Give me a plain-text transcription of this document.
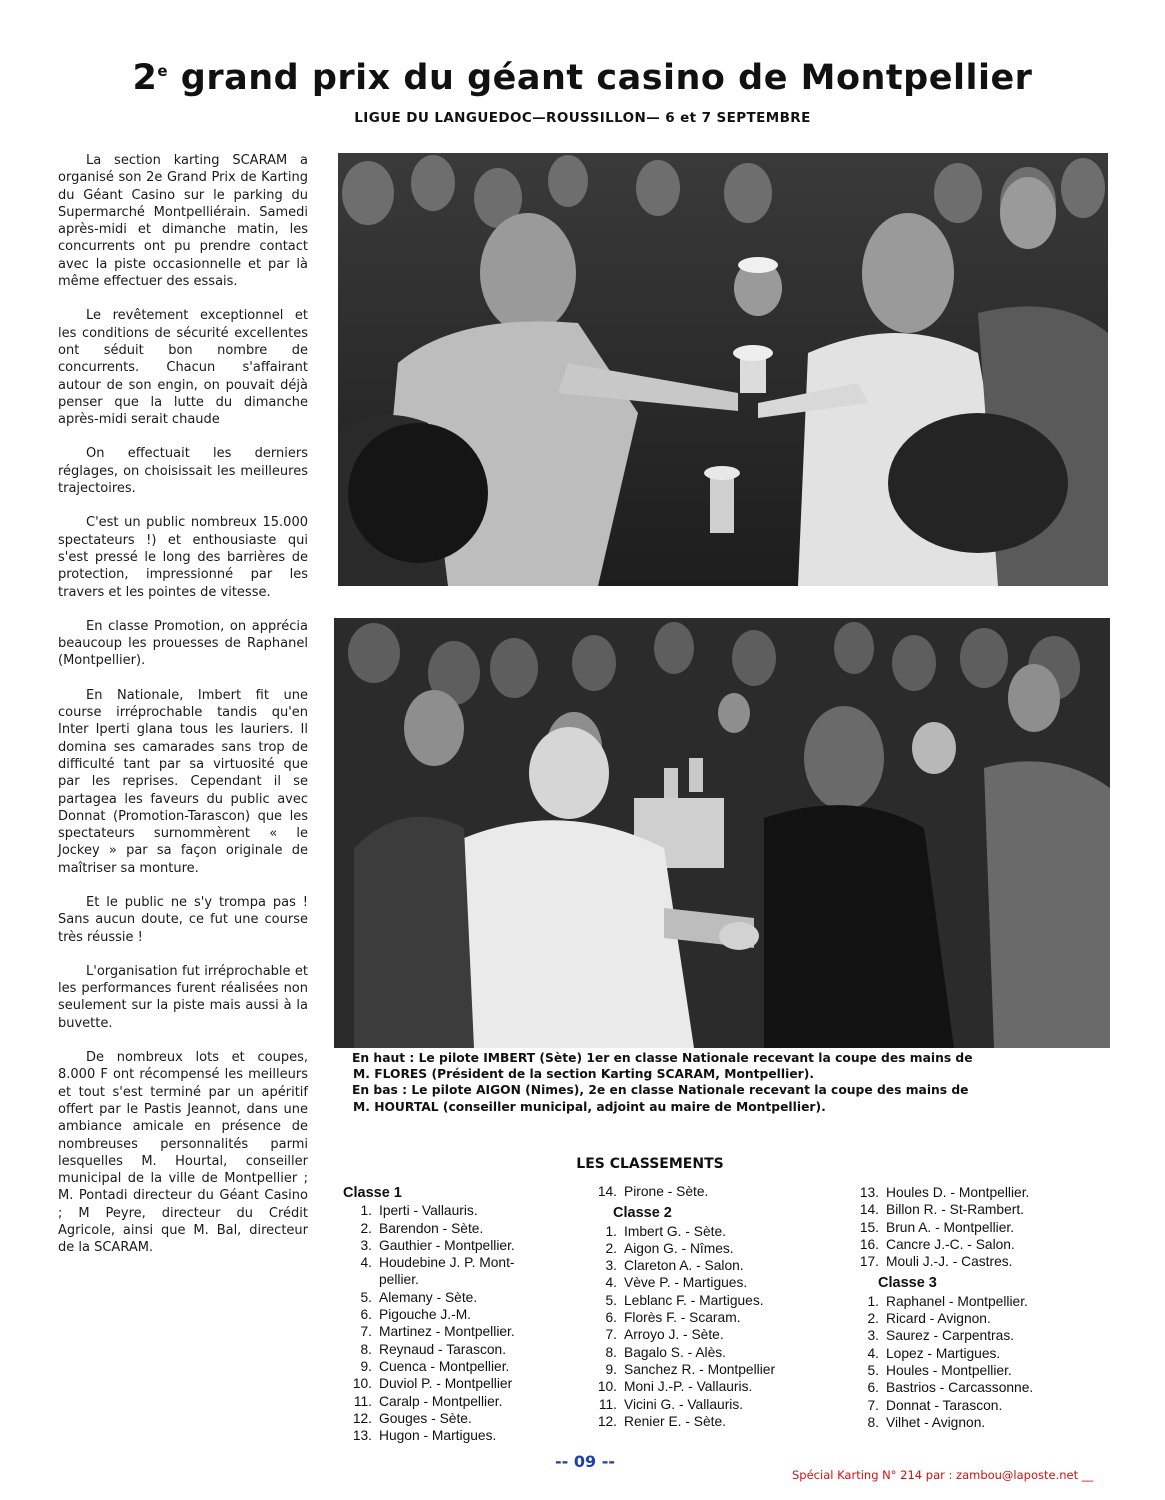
2e grand prix du géant casino de Montpellier
LIGUE DU LANGUEDOC—ROUSSILLON— 6 et 7 SEPTEMBRE

La section karting SCARAM a organisé son 2e Grand Prix de Karting du Géant Casino sur le parking du Supermarché Montpelliérain. Samedi après-midi et dimanche matin, les concurrents ont pu prendre contact avec la piste occasionnelle et par là même effectuer des essais.

Le revêtement exceptionnel et les conditions de sécurité excellentes ont séduit bon nombre de concurrents. Chacun s'affairant autour de son engin, on pouvait déjà penser que la lutte du dimanche après-midi serait chaude

On effectuait les derniers réglages, on choisissait les meilleures trajectoires.

C'est un public nombreux 15.000 spectateurs !) et enthousiaste qui s'est pressé le long des barrières de protection, impressionné par les travers et les pointes de vitesse.

En classe Promotion, on apprécia beaucoup les prouesses de Raphanel (Montpellier).

En Nationale, Imbert fit une course irréprochable tandis qu'en Inter Iperti glana tous les lauriers. Il domina ses camarades sans trop de difficulté tant par sa virtuosité que par les reprises. Cependant il se partagea les faveurs du public avec Donnat (Promotion-Tarascon) que les spectateurs surnommèrent « le Jockey » par sa façon originale de maîtriser sa monture.

Et le public ne s'y trompa pas ! Sans aucun doute, ce fut une course très réussie !

L'organisation fut irréprochable et les performances furent réalisées non seulement sur la piste mais aussi à la buvette.

De nombreux lots et coupes, 8.000 F ont récompensé les meilleurs et tout s'est terminé par un apéritif offert par le Pastis Jeannot, dans une ambiance amicale en présence de nombreuses personnalités parmi lesquelles M. Hourtal, conseiller municipal de la ville de Montpellier ; M. Pontadi directeur du Géant Casino ; M Peyre, directeur du Crédit Agricole, ainsi que M. Bal, directeur de la SCARAM.

En haut : Le pilote IMBERT (Sète) 1er en classe Nationale recevant la coupe des mains de
M. FLORES (Président de la section Karting SCARAM, Montpellier).
En bas : Le pilote AIGON (Nimes), 2e en classe Nationale recevant la coupe des mains de
M. HOURTAL (conseiller municipal, adjoint au maire de Montpellier).
LES CLASSEMENTS
Classe 1
1. Iperti - Vallauris.
2. Barendon - Sète.
3. Gauthier - Montpellier.
4. Houdebine J. P. Mont-
pellier.
5. Alemany - Sète.
6. Pigouche J.-M.
7. Martinez - Montpellier.
8. Reynaud - Tarascon.
9. Cuenca - Montpellier.
10. Duviol P. - Montpellier
11. Caralp - Montpellier.
12. Gouges - Sète.
13. Hugon - Martigues.
14. Pirone - Sète.
Classe 2
1. Imbert G. - Sète.
2. Aigon G. - Nîmes.
3. Clareton A. - Salon.
4. Vève P. - Martigues.
5. Leblanc F. - Martigues.
6. Florès F. - Scaram.
7. Arroyo J. - Sète.
8. Bagalo S. - Alès.
9. Sanchez R. - Montpellier
10. Moni J.-P. - Vallauris.
11. Vicini G. - Vallauris.
12. Renier E. - Sète.
13. Houles D. - Montpellier.
14. Billon R. - St-Rambert.
15. Brun A. - Montpellier.
16. Cancre J.-C. - Salon.
17. Mouli J.-J. - Castres.
Classe 3
1. Raphanel - Montpellier.
2. Ricard - Avignon.
3. Saurez - Carpentras.
4. Lopez - Martigues.
5. Houles - Montpellier.
6. Bastrios - Carcassonne.
7. Donnat - Tarascon.
8. Vilhet - Avignon.
-- 09 --
Spécial Karting N° 214 par : zambou@laposte.net __
